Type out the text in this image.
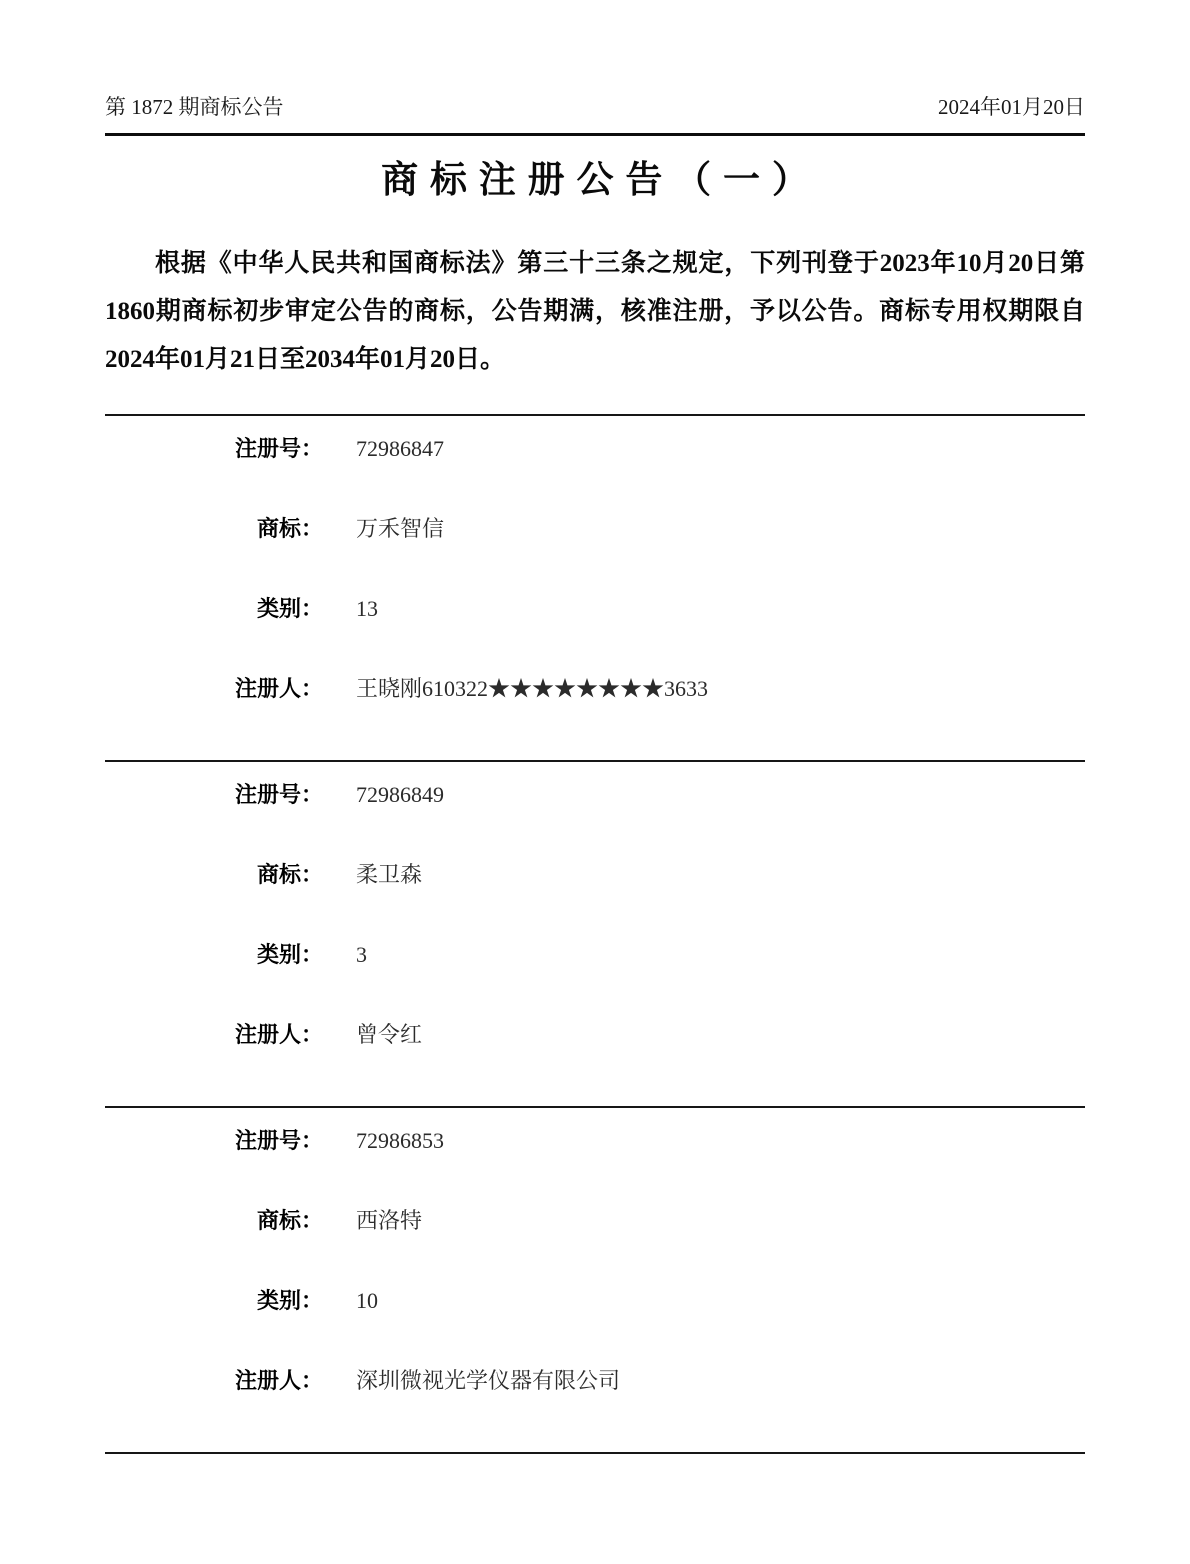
第 1872 期商标公告	2024年01月20日
商标注册公告（一）

根据《中华人民共和国商标法》第三十三条之规定，下列刊登于2023年10月20日第1860期商标初步审定公告的商标，公告期满，核准注册，予以公告。商标专用权期限自2024年01月21日至2034年01月20日。

注册号： 72986847
商标： 万禾智信
类别： 13
注册人： 王晓刚610322★★★★★★★★3633
注册号： 72986849
商标： 柔卫森
类别： 3
注册人： 曾令红
注册号： 72986853
商标： 西洛特
类别： 10
注册人： 深圳微视光学仪器有限公司
